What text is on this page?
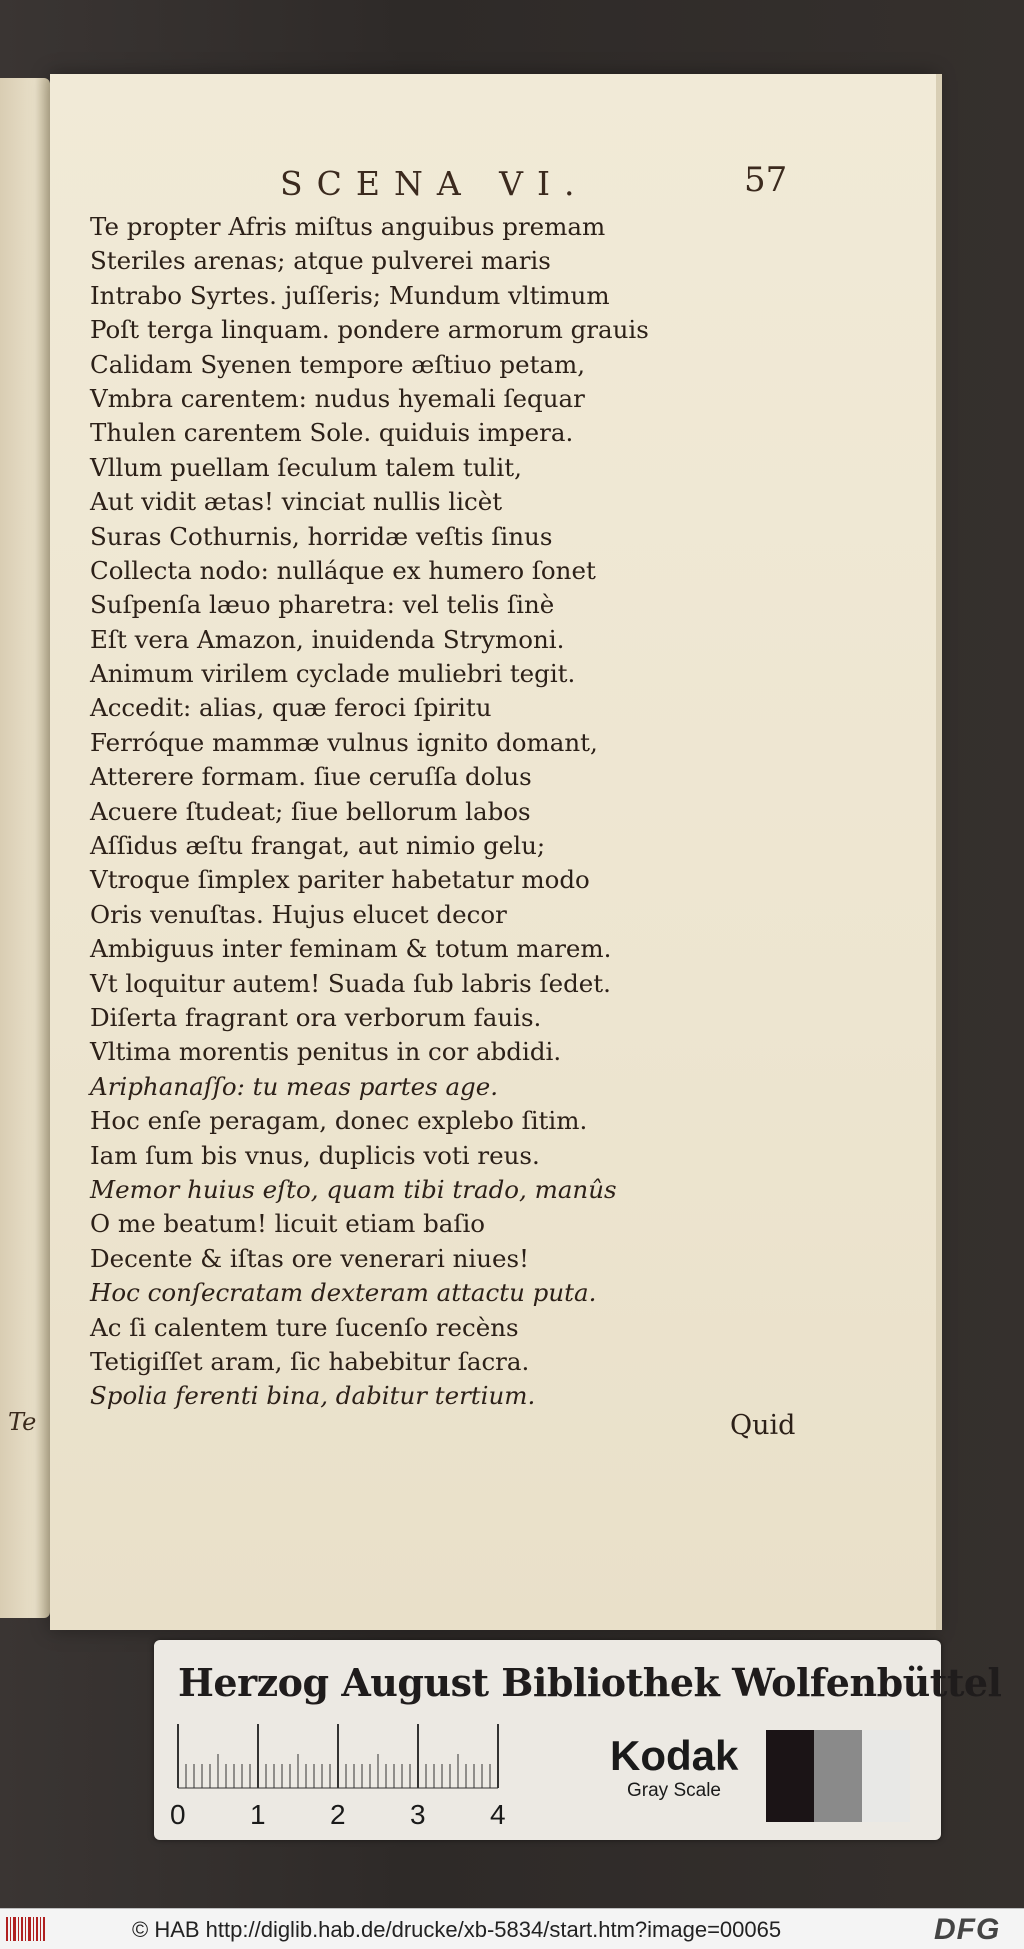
Te
SCENA VI.	57
Te propter Afris miſtus anguibus premam
Steriles arenas; atque pulverei maris
Intrabo Syrtes. juſſeris; Mundum vltimum
Poſt terga linquam. pondere armorum grauis
Calidam Syenen tempore æſtiuo petam,
Vmbra carentem: nudus hyemali ſequar
Thulen carentem Sole. quiduis impera.
Vllum puellam ſeculum talem tulit,
Aut vidit ætas! vinciat nullis licèt
Suras Cothurnis, horridæ veſtis ſinus
Collecta nodo: nulláque ex humero ſonet
Suſpenſa læuo pharetra: vel telis ſinè
Eſt vera Amazon, inuidenda Strymoni.
Animum virilem cyclade muliebri tegit.
Accedit: alias, quæ feroci ſpiritu
Ferróque mammæ vulnus ignito domant,
Atterere formam. ſiue ceruſſa dolus
Acuere ſtudeat; ſiue bellorum labos
Aſſidus æſtu frangat, aut nimio gelu;
Vtroque ſimplex pariter habetatur modo
Oris venuſtas. Hujus elucet decor
Ambiguus inter feminam & totum marem.
Vt loquitur autem! Suada ſub labris ſedet.
Diſerta fragrant ora verborum fauis.
Vltima morentis penitus in cor abdidi.
Ariphanaſſo: tu meas partes age.
Hoc enſe peragam, donec explebo ſitim.
Iam ſum bis vnus, duplicis voti reus.
Memor huius eſto, quam tibi trado, manûs
O me beatum! licuit etiam baſio
Decente & iſtas ore venerari niues!
Hoc conſecratam dexteram attactu puta.
Ac ſi calentem ture ſucenſo recèns
Tetigiſſet aram, ſic habebitur ſacra.
Spolia ferenti bina, dabitur tertium.
Quid
Herzog August Bibliothek Wolfenbüttel
0 1 2 3 4
Kodak
Gray Scale
© HAB http://diglib.hab.de/drucke/xb-5834/start.htm?image=00065	DFG
